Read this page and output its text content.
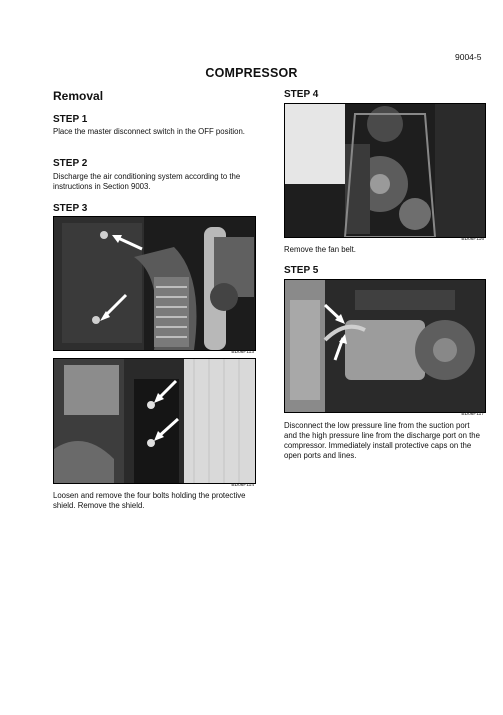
9004-5
COMPRESSOR
Removal
STEP 1
Place the master disconnect switch in the OFF position.
STEP 2
Discharge the air conditioning system according to the instructions in Section 9003.
STEP 3
BD06F113
BD06F114
Loosen and remove the four bolts holding the protective shield. Remove the shield.
STEP 4
BD06F116
Remove the fan belt.
STEP 5
BD06F117
Disconnect the low pressure line from the suction port and the high pressure line from the discharge port on the compressor. Immediately install protective caps on the open ports and lines.
